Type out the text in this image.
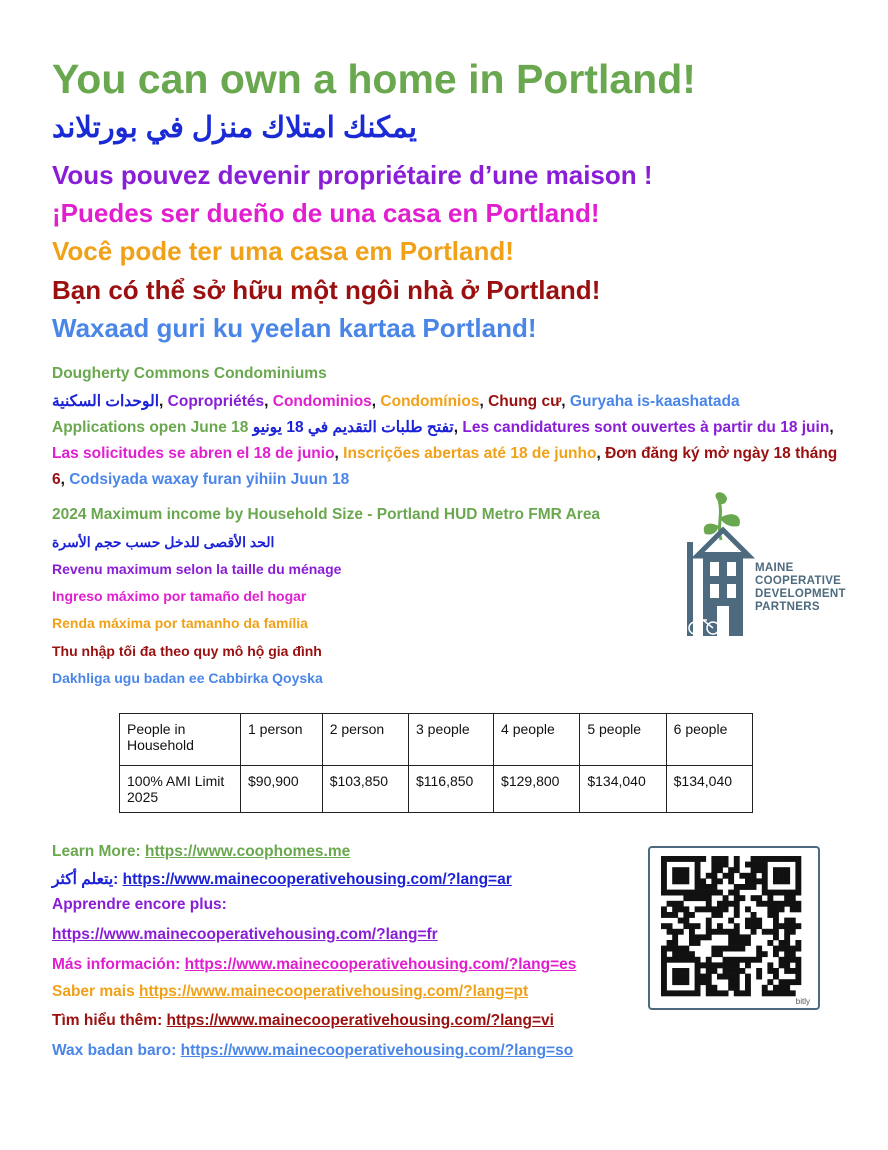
You can own a home in Portland!
يمكنك امتلاك منزل في بورتلاند
Vous pouvez devenir propriétaire d’une maison !
¡Puedes ser dueño de una casa en Portland!
Você pode ter uma casa em Portland!
Bạn có thể sở hữu một ngôi nhà ở Portland!
Waxaad guri ku yeelan kartaa Portland!
Dougherty Commons Condominiums
الوحدات السكنية, Copropriétés, Condominios, Condomínios, Chung cư, Guryaha is-kaashatada
Applications open June 18 تفتح طلبات التقديم في 18 يونيو, Les candidatures sont ouvertes à partir du 18 juin, Las solicitudes se abren el 18 de junio, Inscrições abertas até 18 de junho, Đơn đăng ký mở ngày 18 tháng 6, Codsiyada waxay furan yihiin Juun 18
2024 Maximum income by Household Size - Portland HUD Metro FMR Area
الحد الأقصى للدخل حسب حجم الأسرة
Revenu maximum selon la taille du ménage
Ingreso máximo por tamaño del hogar
Renda máxima por tamanho da família
Thu nhập tối đa theo quy mô hộ gia đình
Dakhliga ugu badan ee Cabbirka Qoyska
MAINE
COOPERATIVE
DEVELOPMENT
PARTNERS
People in Household	1 person	2 person	3 people	4 people	5 people	6 people
100% AMI Limit 2025	$90,900	$103,850	$116,850	$129,800	$134,040	$134,040
Learn More: https://www.coophomes.me
يتعلم أكثر: https://www.mainecooperativehousing.com/?lang=ar
Apprendre encore plus:
https://www.mainecooperativehousing.com/?lang=fr
Más información: https://www.mainecooperativehousing.com/?lang=es
Saber mais https://www.mainecooperativehousing.com/?lang=pt
Tìm hiểu thêm: https://www.mainecooperativehousing.com/?lang=vi
Wax badan baro: https://www.mainecooperativehousing.com/?lang=so
bitly
